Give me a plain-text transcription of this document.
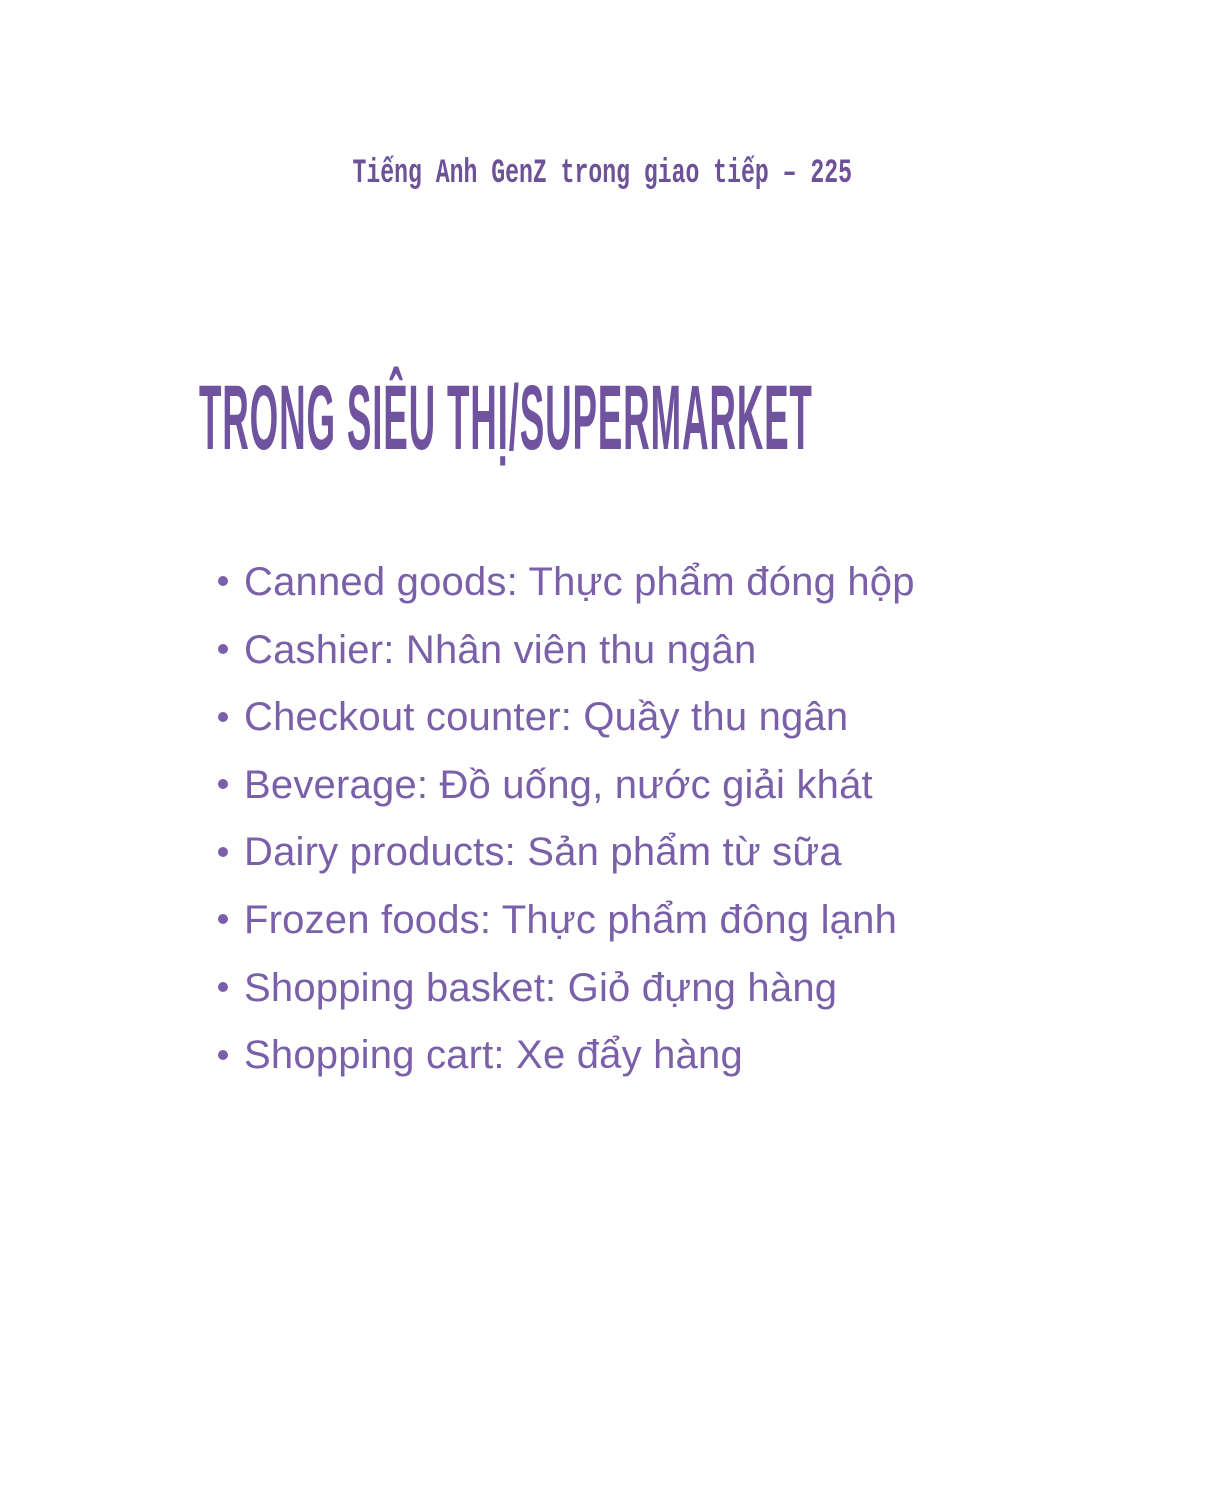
Tiếng Anh GenZ trong giao tiếp – 225
TRONG SIÊU THỊ/SUPERMARKET
Canned goods: Thực phẩm đóng hộp
Cashier: Nhân viên thu ngân
Checkout counter: Quầy thu ngân
Beverage: Đồ uống, nước giải khát
Dairy products: Sản phẩm từ sữa
Frozen foods: Thực phẩm đông lạnh
Shopping basket: Giỏ đựng hàng
Shopping cart: Xe đẩy hàng
